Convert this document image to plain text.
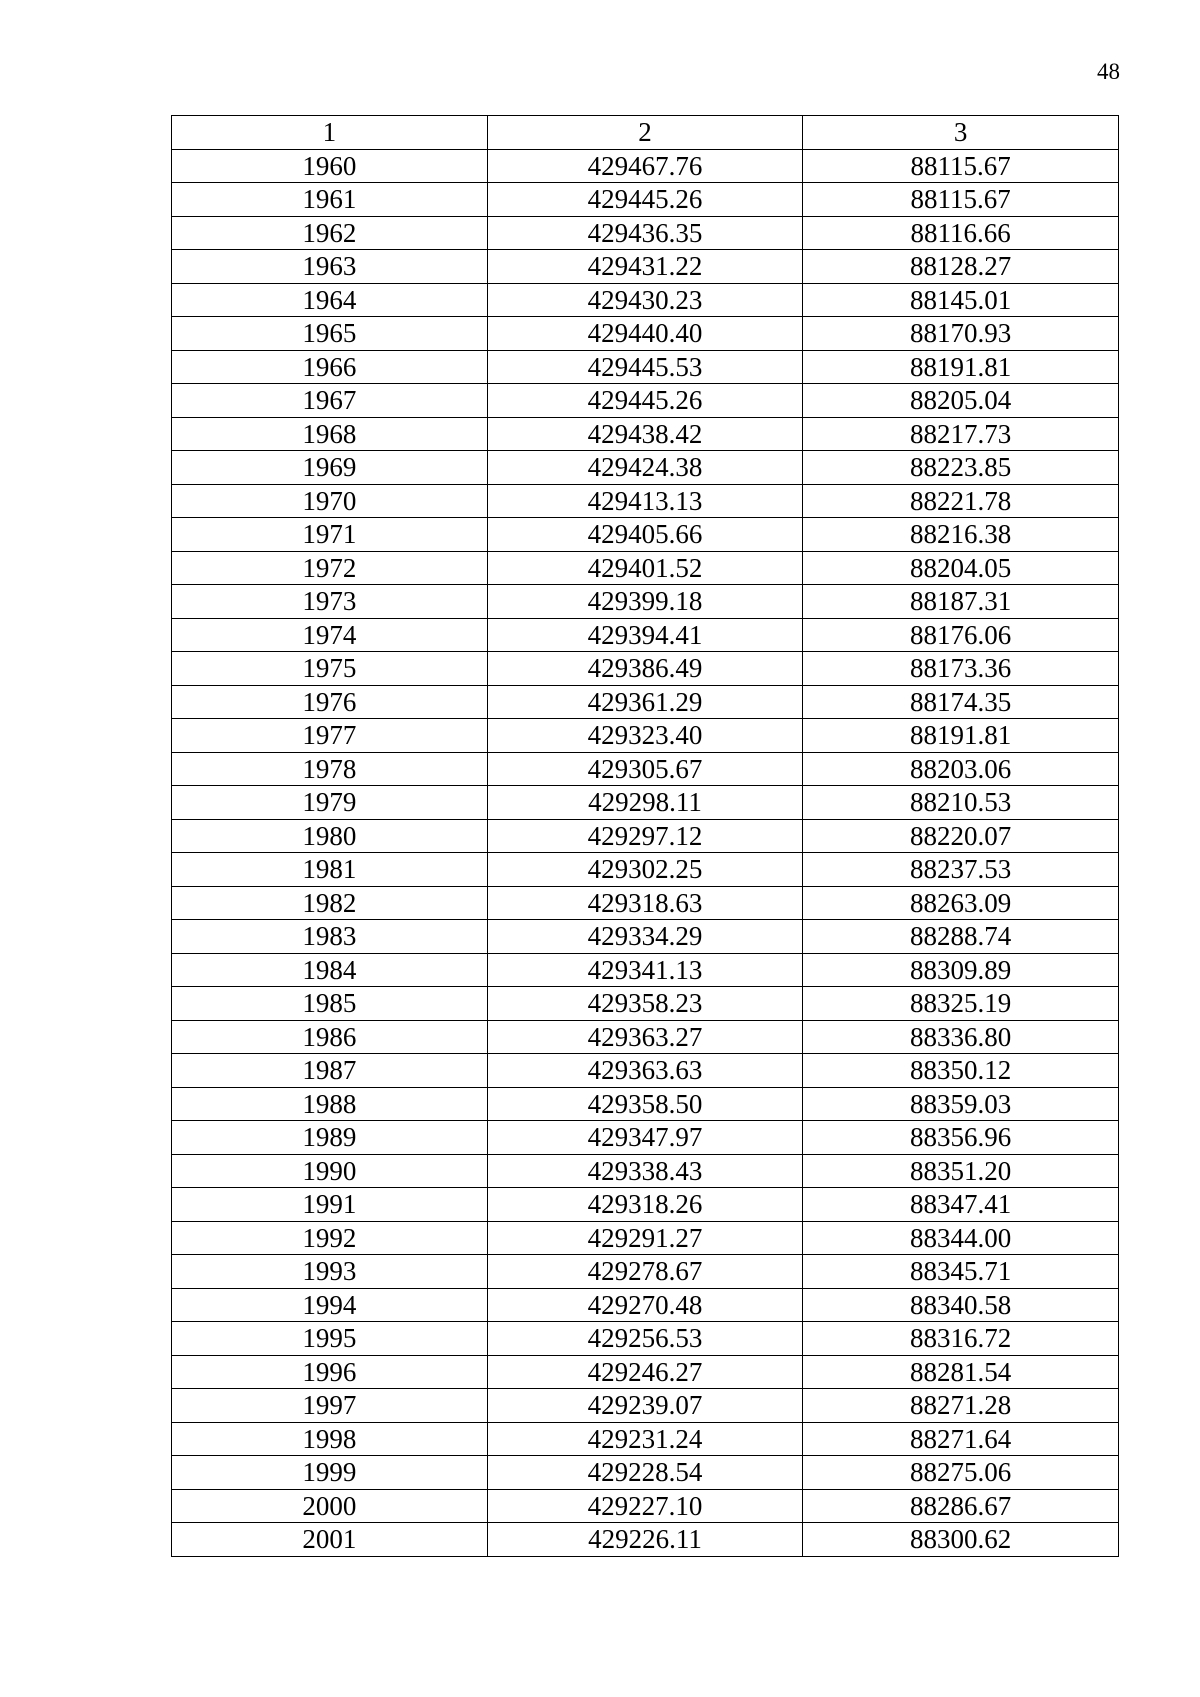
48
1	2	3
1960	429467.76	88115.67
1961	429445.26	88115.67
1962	429436.35	88116.66
1963	429431.22	88128.27
1964	429430.23	88145.01
1965	429440.40	88170.93
1966	429445.53	88191.81
1967	429445.26	88205.04
1968	429438.42	88217.73
1969	429424.38	88223.85
1970	429413.13	88221.78
1971	429405.66	88216.38
1972	429401.52	88204.05
1973	429399.18	88187.31
1974	429394.41	88176.06
1975	429386.49	88173.36
1976	429361.29	88174.35
1977	429323.40	88191.81
1978	429305.67	88203.06
1979	429298.11	88210.53
1980	429297.12	88220.07
1981	429302.25	88237.53
1982	429318.63	88263.09
1983	429334.29	88288.74
1984	429341.13	88309.89
1985	429358.23	88325.19
1986	429363.27	88336.80
1987	429363.63	88350.12
1988	429358.50	88359.03
1989	429347.97	88356.96
1990	429338.43	88351.20
1991	429318.26	88347.41
1992	429291.27	88344.00
1993	429278.67	88345.71
1994	429270.48	88340.58
1995	429256.53	88316.72
1996	429246.27	88281.54
1997	429239.07	88271.28
1998	429231.24	88271.64
1999	429228.54	88275.06
2000	429227.10	88286.67
2001	429226.11	88300.62
